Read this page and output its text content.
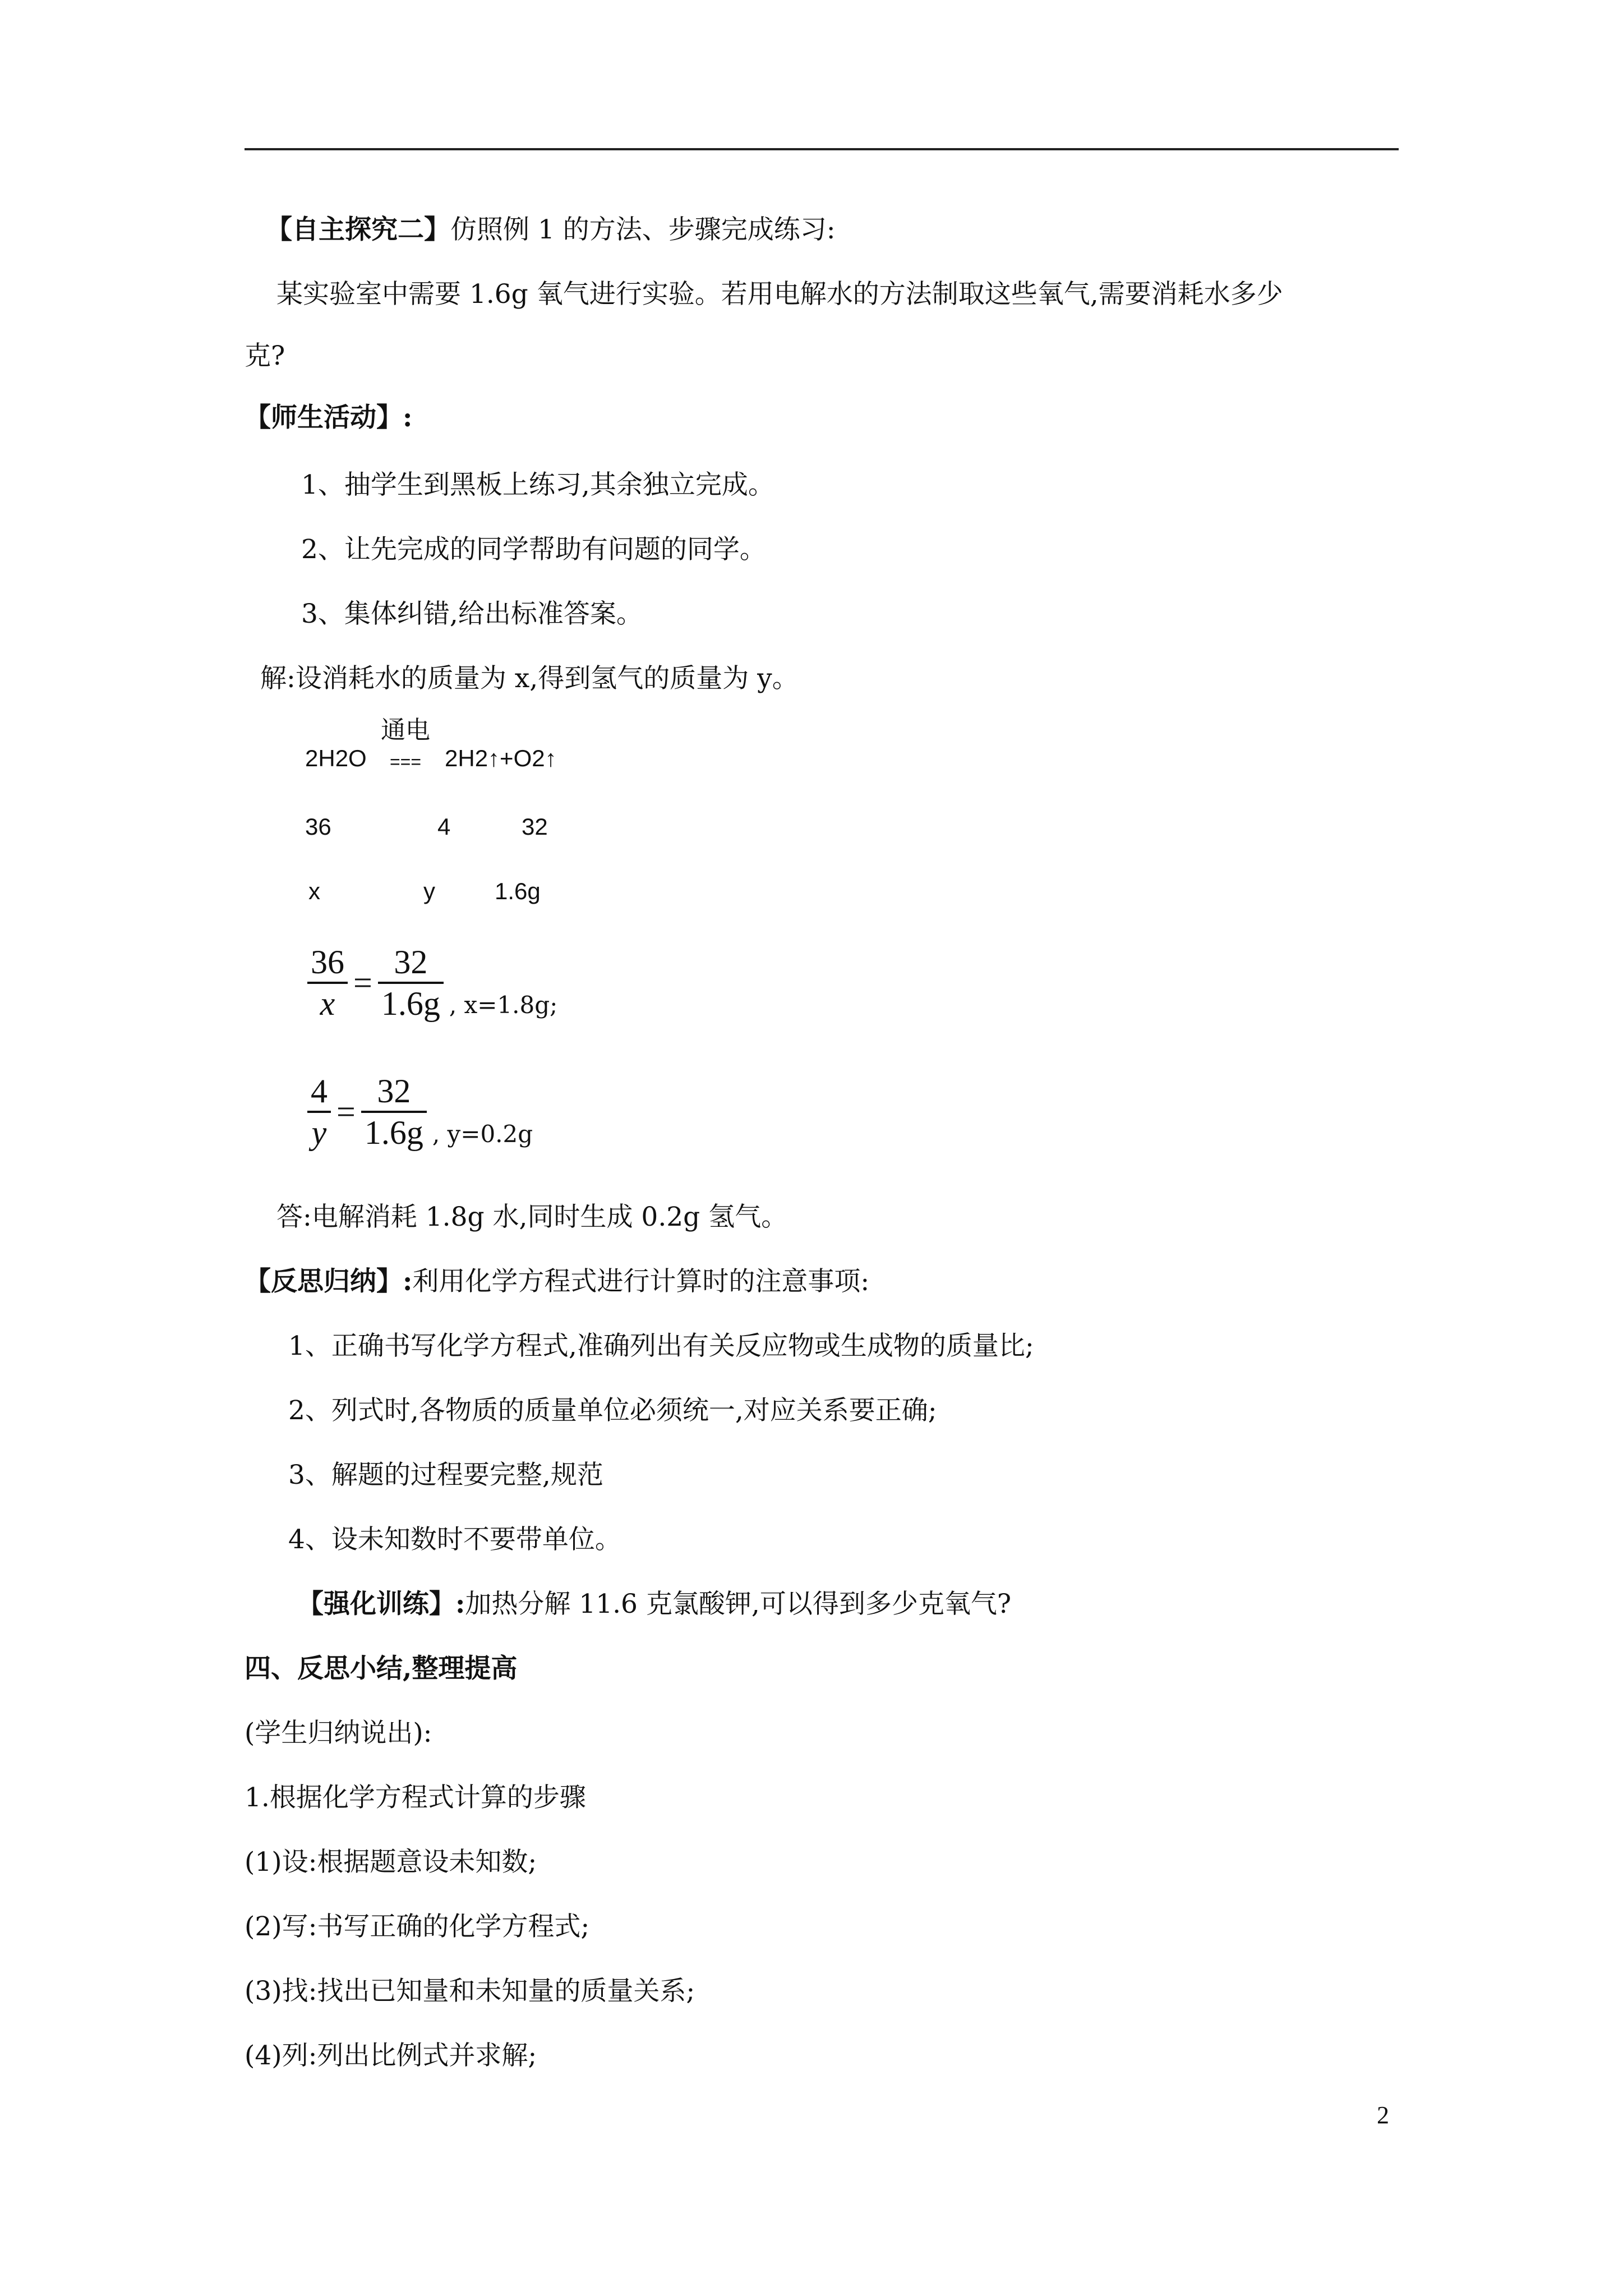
【自主探究二】仿照例 1 的方法、步骤完成练习:
某实验室中需要 1.6g 氧气进行实验。若用电解水的方法制取这些氧气,需要消耗水多少
克?
【师生活动】:
1、抽学生到黑板上练习,其余独立完成。
2、让先完成的同学帮助有问题的同学。
3、集体纠错,给出标准答案。
解:设消耗水的质量为 x,得到氢气的质量为 y。
2H2O
通电
=== 2H2↑+O2↑
36	4	32
x	y	1.6g
$\frac{36}{x} = \frac{32}{1.6g}$ , x=1.8g;
$\frac{4}{y} = \frac{32}{1.6g}$ , y=0.2g
答:电解消耗 1.8g 水,同时生成 0.2g 氢气。
【反思归纳】:利用化学方程式进行计算时的注意事项:
1、正确书写化学方程式,准确列出有关反应物或生成物的质量比;
2、列式时,各物质的质量单位必须统一,对应关系要正确;
3、解题的过程要完整,规范
4、设未知数时不要带单位。
【强化训练】:加热分解 11.6 克氯酸钾,可以得到多少克氧气?
四、反思小结,整理提高
(学生归纳说出):
1.根据化学方程式计算的步骤
(1)设:根据题意设未知数;
(2)写:书写正确的化学方程式;
(3)找:找出已知量和未知量的质量关系;
(4)列:列出比例式并求解;
2
